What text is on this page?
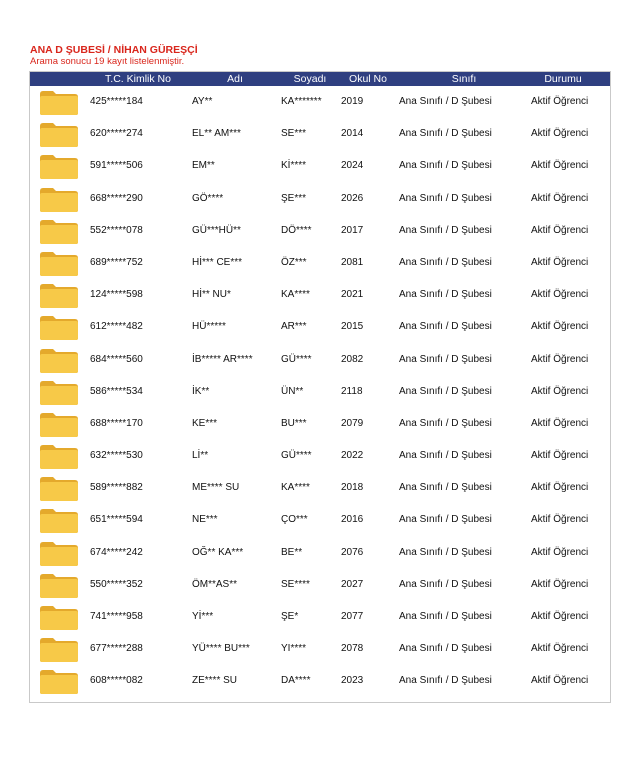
ANA D ŞUBESİ / NİHAN GÜREŞÇİ
Arama sonucu 19 kayıt listelenmiştir.
T.C. Kimlik No	Adı	Soyadı	Okul No	Sınıfı	Durumu
425*****184	AY**	KA******* 2019	Ana Sınıfı / D Şubesi	Aktif Öğrenci
620*****274	EL** AM***	SE***	2014	Ana Sınıfı / D Şubesi	Aktif Öğrenci
591*****506	EM**	Kİ****	2024	Ana Sınıfı / D Şubesi	Aktif Öğrenci
668*****290	GÖ****	ŞE***	2026	Ana Sınıfı / D Şubesi	Aktif Öğrenci
552*****078	GÜ***HÜ**	DÖ****	2017	Ana Sınıfı / D Şubesi	Aktif Öğrenci
689*****752	Hİ*** CE***	ÖZ***	2081	Ana Sınıfı / D Şubesi	Aktif Öğrenci
124*****598	Hİ** NU*	KA****	2021	Ana Sınıfı / D Şubesi	Aktif Öğrenci
612*****482	HÜ*****	AR***	2015	Ana Sınıfı / D Şubesi	Aktif Öğrenci
684*****560	İB***** AR****	GÜ****	2082	Ana Sınıfı / D Şubesi	Aktif Öğrenci
586*****534	İK**	ÜN**	2118	Ana Sınıfı / D Şubesi	Aktif Öğrenci
688*****170	KE***	BU***	2079	Ana Sınıfı / D Şubesi	Aktif Öğrenci
632*****530	Lİ**	GÜ****	2022	Ana Sınıfı / D Şubesi	Aktif Öğrenci
589*****882	ME**** SU	KA****	2018	Ana Sınıfı / D Şubesi	Aktif Öğrenci
651*****594	NE***	ÇO***	2016	Ana Sınıfı / D Şubesi	Aktif Öğrenci
674*****242	OĞ** KA***	BE**	2076	Ana Sınıfı / D Şubesi	Aktif Öğrenci
550*****352	ÖM**AS**	SE****	2027	Ana Sınıfı / D Şubesi	Aktif Öğrenci
741*****958	Yİ***	ŞE*	2077	Ana Sınıfı / D Şubesi	Aktif Öğrenci
677*****288	YÜ**** BU***	YI****	2078	Ana Sınıfı / D Şubesi	Aktif Öğrenci
608*****082	ZE**** SU	DA****	2023	Ana Sınıfı / D Şubesi	Aktif Öğrenci
